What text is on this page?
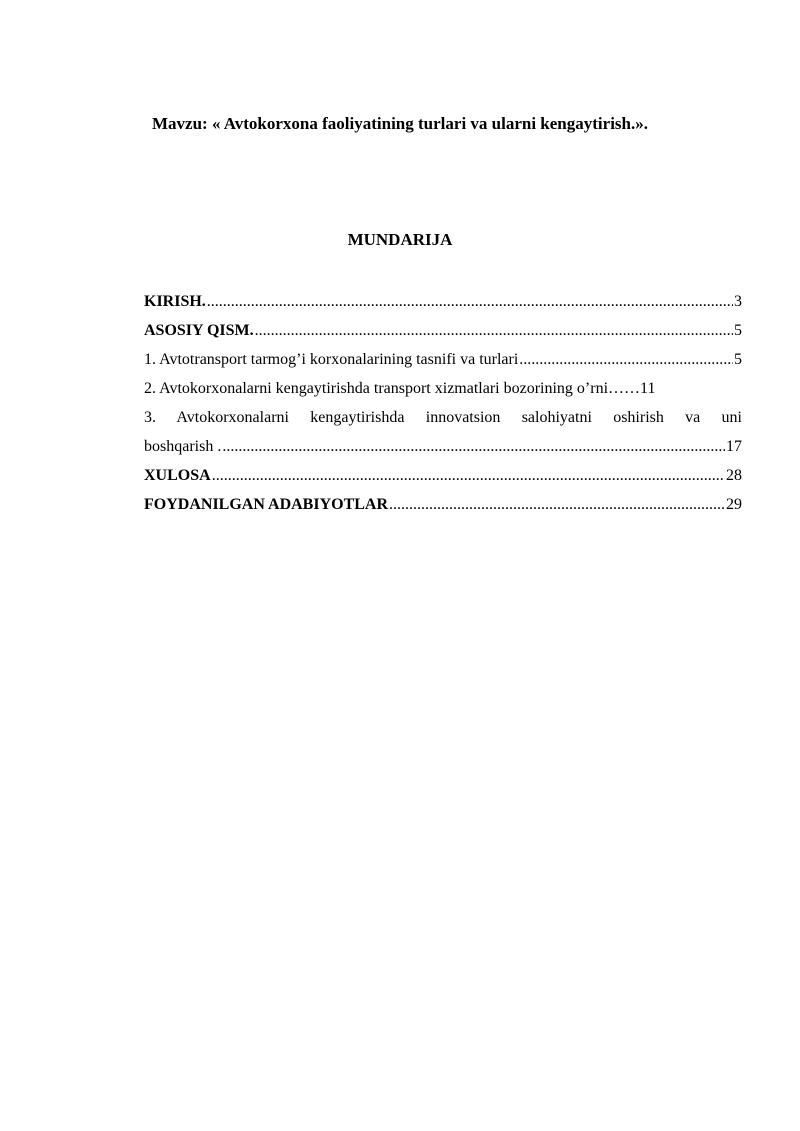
Mavzu: « Avtokorxona faoliyatining turlari va ularni kengaytirish.».
MUNDARIJA
KIRISH. .....	3
ASOSIY QISM. .....	5
1. Avtotransport tarmog’i korxonalarining tasnifi va turlari .....	5
2. Avtokorxonalarni kengaytirishda transport xizmatlari bozorining o’rni …… 11
3. Avtokorxonalarni kengaytirishda innovatsion salohiyatni oshirish va uni
boshqarish . .....	17
XULOSA .....	28
FOYDANILGAN ADABIYOTLAR .....	29
